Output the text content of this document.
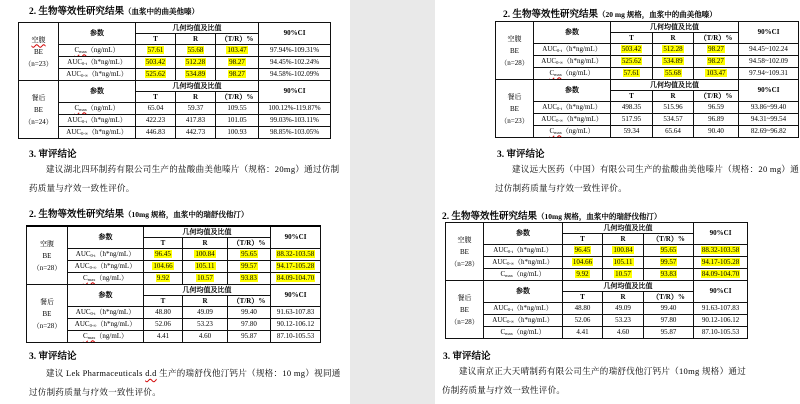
2. 生物等效性研究结果（血浆中的曲美他嗪）
空腹
BE
（n=23）	参数	几何均值及比值			90%CI
		T	R	（T/R）%	
	$C_{max}(ng/mL)$	57.61	55.68	103.47	97.94%-109.31%
	$AUC_{0-t}(h*ng/mL)$	503.42	512.28	98.27	94.45%-102.24%
	$AUC_{0-\infty}(h*ng/mL)$	525.62	534.89	98.27	94.58%-102.09%

餐后
BE
（n=24）	参数	几何均值及比值			90%CI
		T	R	（T/R）%	
	$C_{max}(ng/mL)$	65.04	59.37	109.55	100.12%-119.87%
	$AUC_{0-t}(h*ng/mL)$	422.23	417.83	101.05	99.03%-103.11%
	$AUC_{0-\infty}(h*ng/mL)$	446.83	442.73	100.93	98.85%-103.05%
3. 审评结论

建议湖北四环制药有限公司生产的盐酸曲美他嗪片（规格：20mg）通过仿制
药质量与疗效一致性评价。

2. 生物等效性研究结果（20 mg 规格，血浆中的曲美他嗪）
空腹
BE
（n=28）	参数	几何均值及比值			90%CI
		T	R	（T/R）%	
	$AUC_{0-t}(h*ng/mL)$	503.42	512.28	98.27	94.45~102.24
	$AUC_{0-\infty}(h*ng/mL)$	525.62	534.89	98.27	94.58~102.09
	$C_{max}(ng/mL)$	57.61	55.68	103.47	97.94~109.31

餐后
BE
（n=23）	参数	几何均值及比值			90%CI
		T	R	（T/R）%	
	$AUC_{0-t}(h*ng/mL)$	498.35	515.96	96.59	93.86~99.40
	$AUC_{0-\infty}(h*ng/mL)$	517.95	534.57	96.89	94.31~99.54
	$C_{max}(ng/mL)$	59.34	65.64	90.40	82.69~96.82
3. 审评结论

建议远大医药（中国）有限公司生产的盐酸曲美他嗪片（规格：20 mg）通
过仿制药质量与疗效一致性评价。

2. 生物等效性研究结果（10mg 规格，血浆中的瑞舒伐他汀）
空腹
BE
（n=28）	参数	几何均值及比值			90%CI
		T	R	（T/R）%	
	$AUC_{0-t}(h*ng/mL)$	96.45	100.84	95.65	88.32-103.58
	$AUC_{0-\infty}(h*ng/mL)$	104.66	105.11	99.57	94.17-105.28
	$C_{max}(ng/mL)$	9.92	10.57	93.83	84.09-104.70

餐后
BE
（n=28）	参数	几何均值及比值			90%CI
		T	R	（T/R）%	
	$AUC_{0-t}(h*ng/mL)$	48.80	49.09	99.40	91.63-107.83
	$AUC_{0-\infty}(h*ng/mL)$	52.06	53.23	97.80	90.12-106.12
	$C_{max}(ng/mL)$	4.41	4.60	95.87	87.10-105.53
3. 审评结论

建议 Lek Pharmaceuticals d.d 生产的瑞舒伐他汀钙片（规格：10 mg）视同通
过仿制药质量与疗效一致性评价。

2. 生物等效性研究结果（10mg 规格，血浆中的瑞舒伐他汀）
空腹
BE
（n=28）	参数	几何均值及比值			90%CI
		T	R	（T/R）%	
	$AUC_{0-t}(h*ng/mL)$	96.45	100.84	95.65	88.32-103.58
	$AUC_{0-\infty}(h*ng/mL)$	104.66	105.11	99.57	94.17-105.28
	$C_{max}(ng/mL)$	9.92	10.57	93.83	84.09-104.70

餐后
BE
（n=28）	参数	几何均值及比值			90%CI
		T	R	（T/R）%	
	$AUC_{0-t}(h*ng/mL)$	48.80	49.09	99.40	91.63-107.83
	$AUC_{0-\infty}(h*ng/mL)$	52.06	53.23	97.80	90.12-106.12
	$C_{max}(ng/mL)$	4.41	4.60	95.87	87.10-105.53
3. 审评结论

建议南京正大天晴制药有限公司生产的瑞舒伐他汀钙片（10mg 规格）通过
仿制药质量与疗效一致性评价。
